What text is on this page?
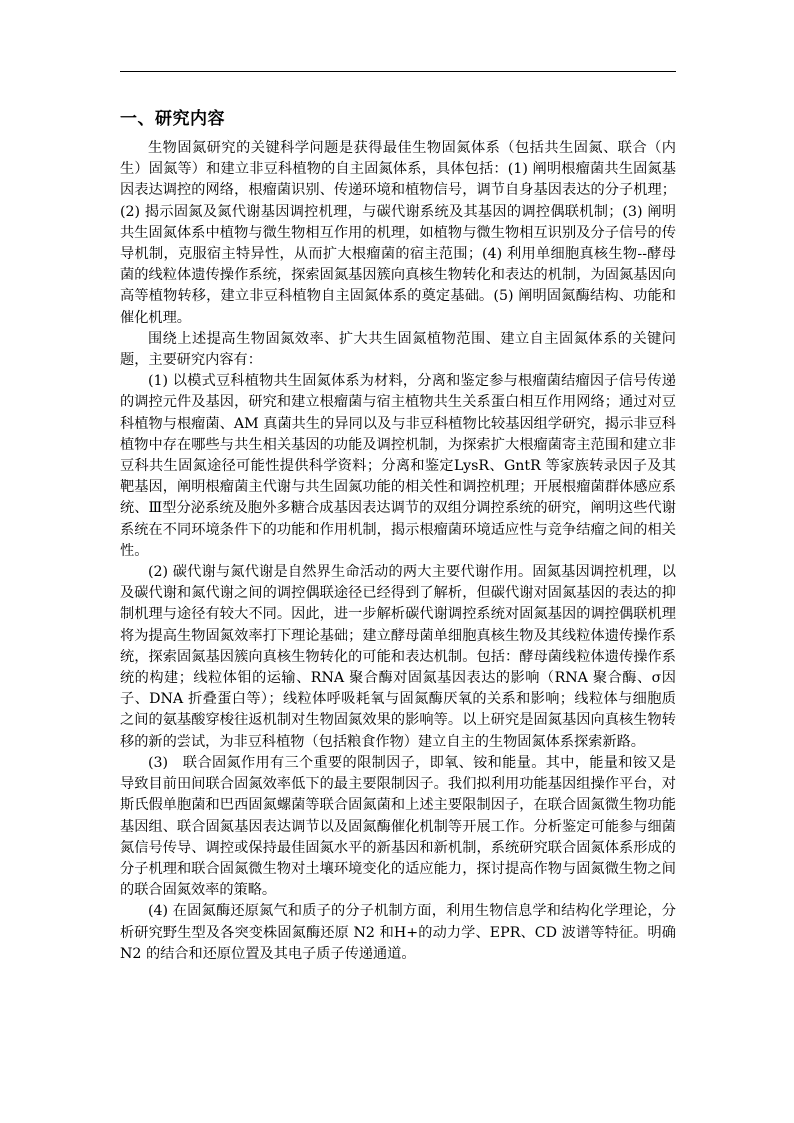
一、研究内容

生物固氮研究的关键科学问题是获得最佳生物固氮体系（包括共生固氮、联合（内生）固氮等）和建立非豆科植物的自主固氮体系，具体包括：(1) 阐明根瘤菌共生固氮基因表达调控的网络，根瘤菌识别、传递环境和植物信号，调节自身基因表达的分子机理；(2) 揭示固氮及氮代谢基因调控机理，与碳代谢系统及其基因的调控偶联机制；(3) 阐明共生固氮体系中植物与微生物相互作用的机理，如植物与微生物相互识别及分子信号的传导机制，克服宿主特异性，从而扩大根瘤菌的宿主范围；(4) 利用单细胞真核生物--酵母菌的线粒体遗传操作系统，探索固氮基因簇向真核生物转化和表达的机制，为固氮基因向高等植物转移，建立非豆科植物自主固氮体系的奠定基础。(5) 阐明固氮酶结构、功能和催化机理。

围绕上述提高生物固氮效率、扩大共生固氮植物范围、建立自主固氮体系的关键问题，主要研究内容有：

(1) 以模式豆科植物共生固氮体系为材料，分离和鉴定参与根瘤菌结瘤因子信号传递的调控元件及基因，研究和建立根瘤菌与宿主植物共生关系蛋白相互作用网络；通过对豆科植物与根瘤菌、AM 真菌共生的异同以及与非豆科植物比较基因组学研究，揭示非豆科植物中存在哪些与共生相关基因的功能及调控机制，为探索扩大根瘤菌寄主范围和建立非豆科共生固氮途径可能性提供科学资料；分离和鉴定LysR、GntR 等家族转录因子及其靶基因，阐明根瘤菌主代谢与共生固氮功能的相关性和调控机理；开展根瘤菌群体感应系统、Ⅲ型分泌系统及胞外多糖合成基因表达调节的双组分调控系统的研究，阐明这些代谢系统在不同环境条件下的功能和作用机制，揭示根瘤菌环境适应性与竞争结瘤之间的相关性。

(2) 碳代谢与氮代谢是自然界生命活动的两大主要代谢作用。固氮基因调控机理，以及碳代谢和氮代谢之间的调控偶联途径已经得到了解析，但碳代谢对固氮基因的表达的抑制机理与途径有较大不同。因此，进一步解析碳代谢调控系统对固氮基因的调控偶联机理将为提高生物固氮效率打下理论基础；建立酵母菌单细胞真核生物及其线粒体遗传操作系统，探索固氮基因簇向真核生物转化的可能和表达机制。包括：酵母菌线粒体遗传操作系统的构建；线粒体钼的运输、RNA 聚合酶对固氮基因表达的影响（RNA 聚合酶、σ因子、DNA 折叠蛋白等）；线粒体呼吸耗氧与固氮酶厌氧的关系和影响；线粒体与细胞质之间的氨基酸穿梭往返机制对生物固氮效果的影响等。以上研究是固氮基因向真核生物转移的新的尝试，为非豆科植物（包括粮食作物）建立自主的生物固氮体系探索新路。

(3)　联合固氮作用有三个重要的限制因子，即氧、铵和能量。其中，能量和铵又是导致目前田间联合固氮效率低下的最主要限制因子。我们拟利用功能基因组操作平台，对斯氏假单胞菌和巴西固氮螺菌等联合固氮菌和上述主要限制因子，在联合固氮微生物功能基因组、联合固氮基因表达调节以及固氮酶催化机制等开展工作。分析鉴定可能参与细菌氮信号传导、调控或保持最佳固氮水平的新基因和新机制，系统研究联合固氮体系形成的分子机理和联合固氮微生物对土壤环境变化的适应能力，探讨提高作物与固氮微生物之间的联合固氮效率的策略。

(4) 在固氮酶还原氮气和质子的分子机制方面，利用生物信息学和结构化学理论，分析研究野生型及各突变株固氮酶还原 N2 和H+的动力学、EPR、CD 波谱等特征。明确 N2 的结合和还原位置及其电子质子传递通道。
